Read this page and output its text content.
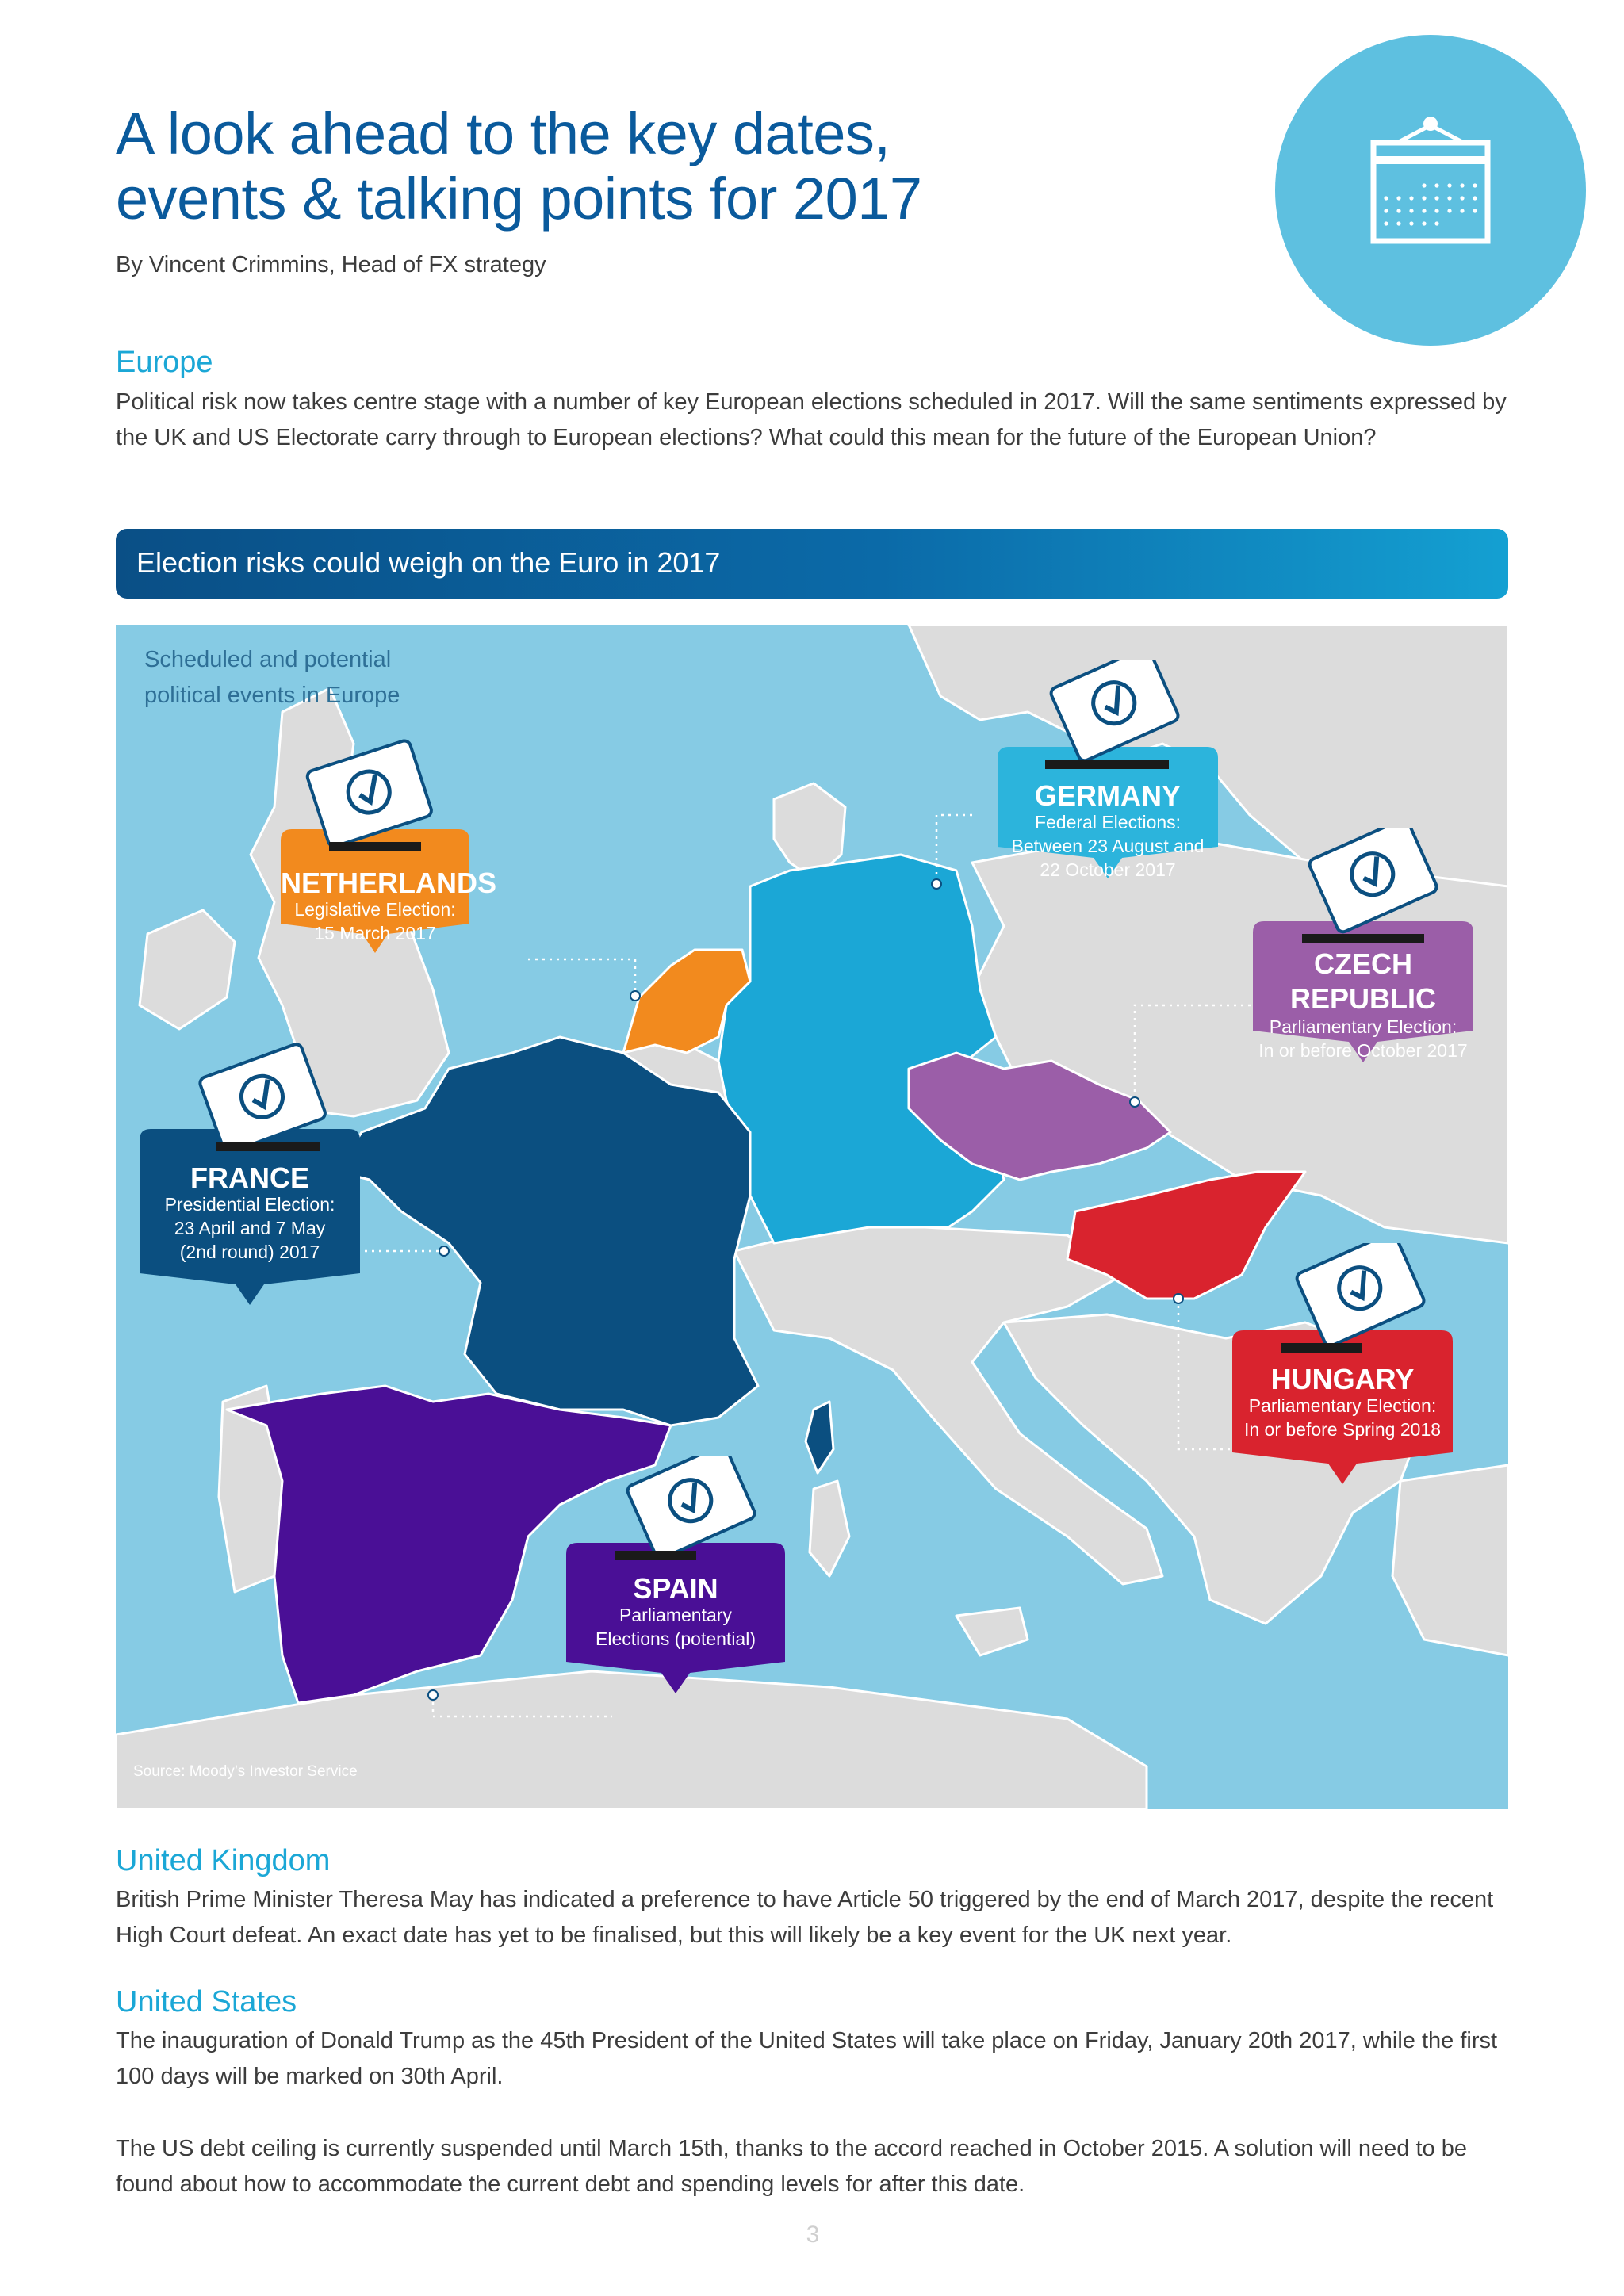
A look ahead to the key dates,
events & talking points for 2017
By Vincent Crimmins, Head of FX strategy
Europe
Political risk now takes centre stage with a number of key European elections scheduled in 2017. Will the same sentiments expressed by the UK and US Electorate carry through to European elections? What could this mean for the future of the European Union?
Election risks could weigh on the Euro in 2017
Scheduled and potential
political events in Europe
NETHERLANDS
Legislative Election:
15 March 2017
GERMANY
Federal Elections:
Between 23 August and
22 October 2017
CZECH
REPUBLIC
Parliamentary Election:
In or before October 2017
FRANCE
Presidential Election:
23 April and 7 May
(2nd round) 2017
HUNGARY
Parliamentary Election:
In or before Spring 2018
SPAIN
Parliamentary
Elections (potential)
Source: Moody’s Investor Service
United Kingdom
British Prime Minister Theresa May has indicated a preference to have Article 50 triggered by the end of March 2017, despite the recent High Court defeat. An exact date has yet to be finalised, but this will likely be a key event for the UK next year.
United States
The inauguration of Donald Trump as the 45th President of the United States will take place on Friday, January 20th 2017, while the first 100 days will be marked on 30th April.
The US debt ceiling is currently suspended until March 15th, thanks to the accord reached in October 2015. A solution will need to be found about how to accommodate the current debt and spending levels for after this date.
3
